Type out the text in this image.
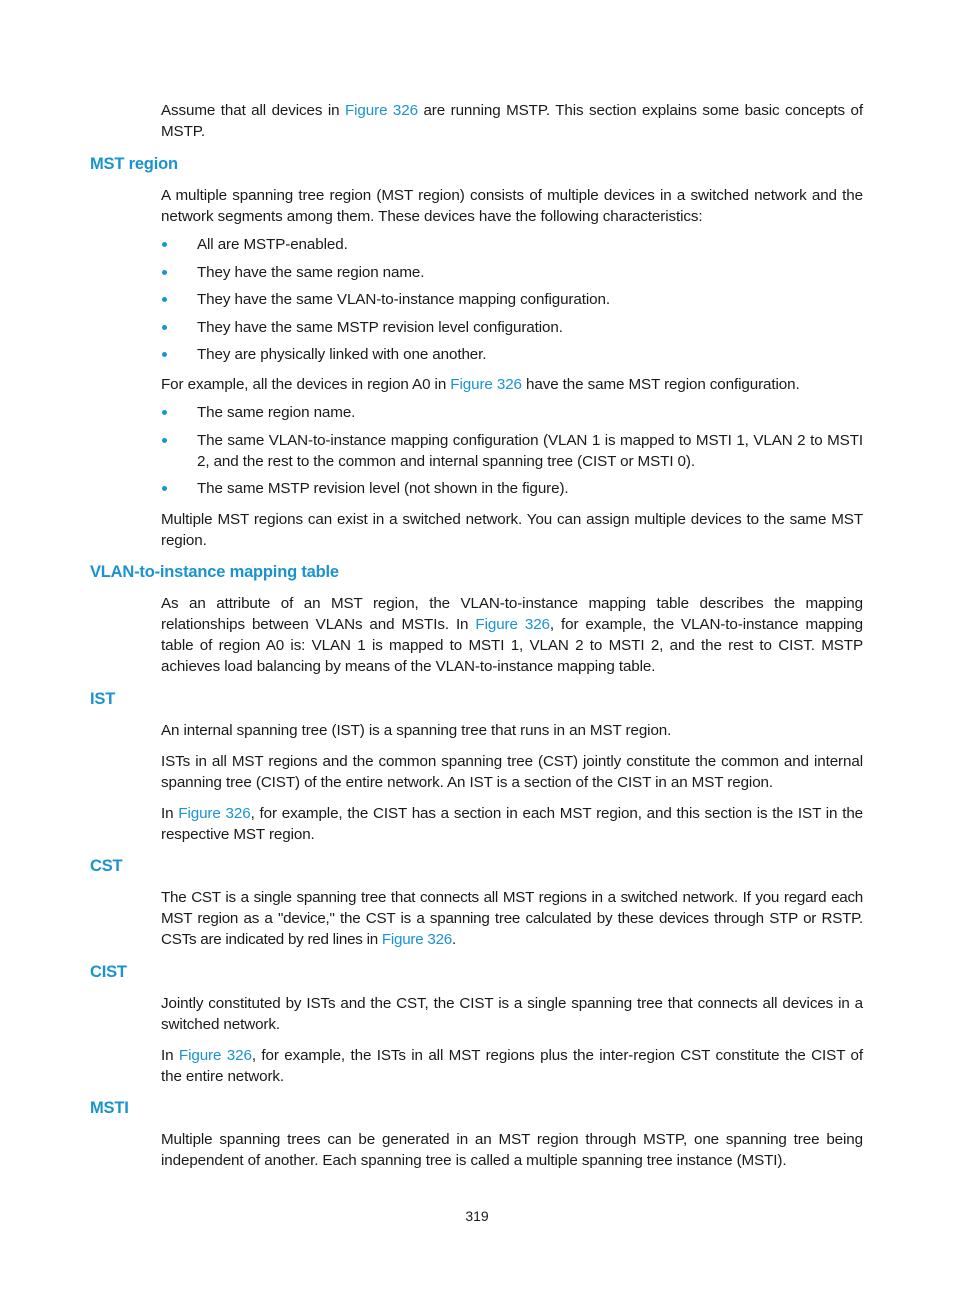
Assume that all devices in Figure 326 are running MSTP. This section explains some basic concepts of MSTP.

MST region

A multiple spanning tree region (MST region) consists of multiple devices in a switched network and the network segments among them. These devices have the following characteristics:

All are MSTP-enabled.
They have the same region name.
They have the same VLAN-to-instance mapping configuration.
They have the same MSTP revision level configuration.
They are physically linked with one another.

For example, all the devices in region A0 in Figure 326 have the same MST region configuration.

The same region name.
The same VLAN-to-instance mapping configuration (VLAN 1 is mapped to MSTI 1, VLAN 2 to MSTI 2, and the rest to the common and internal spanning tree (CIST or MSTI 0).
The same MSTP revision level (not shown in the figure).

Multiple MST regions can exist in a switched network. You can assign multiple devices to the same MST region.

VLAN-to-instance mapping table

As an attribute of an MST region, the VLAN-to-instance mapping table describes the mapping relationships between VLANs and MSTIs. In Figure 326, for example, the VLAN-to-instance mapping table of region A0 is: VLAN 1 is mapped to MSTI 1, VLAN 2 to MSTI 2, and the rest to CIST. MSTP achieves load balancing by means of the VLAN-to-instance mapping table.

IST

An internal spanning tree (IST) is a spanning tree that runs in an MST region.

ISTs in all MST regions and the common spanning tree (CST) jointly constitute the common and internal spanning tree (CIST) of the entire network. An IST is a section of the CIST in an MST region.

In Figure 326, for example, the CIST has a section in each MST region, and this section is the IST in the respective MST region.

CST

The CST is a single spanning tree that connects all MST regions in a switched network. If you regard each MST region as a "device," the CST is a spanning tree calculated by these devices through STP or RSTP. CSTs are indicated by red lines in Figure 326.

CIST

Jointly constituted by ISTs and the CST, the CIST is a single spanning tree that connects all devices in a switched network.

In Figure 326, for example, the ISTs in all MST regions plus the inter-region CST constitute the CIST of the entire network.

MSTI

Multiple spanning trees can be generated in an MST region through MSTP, one spanning tree being independent of another. Each spanning tree is called a multiple spanning tree instance (MSTI).

319
